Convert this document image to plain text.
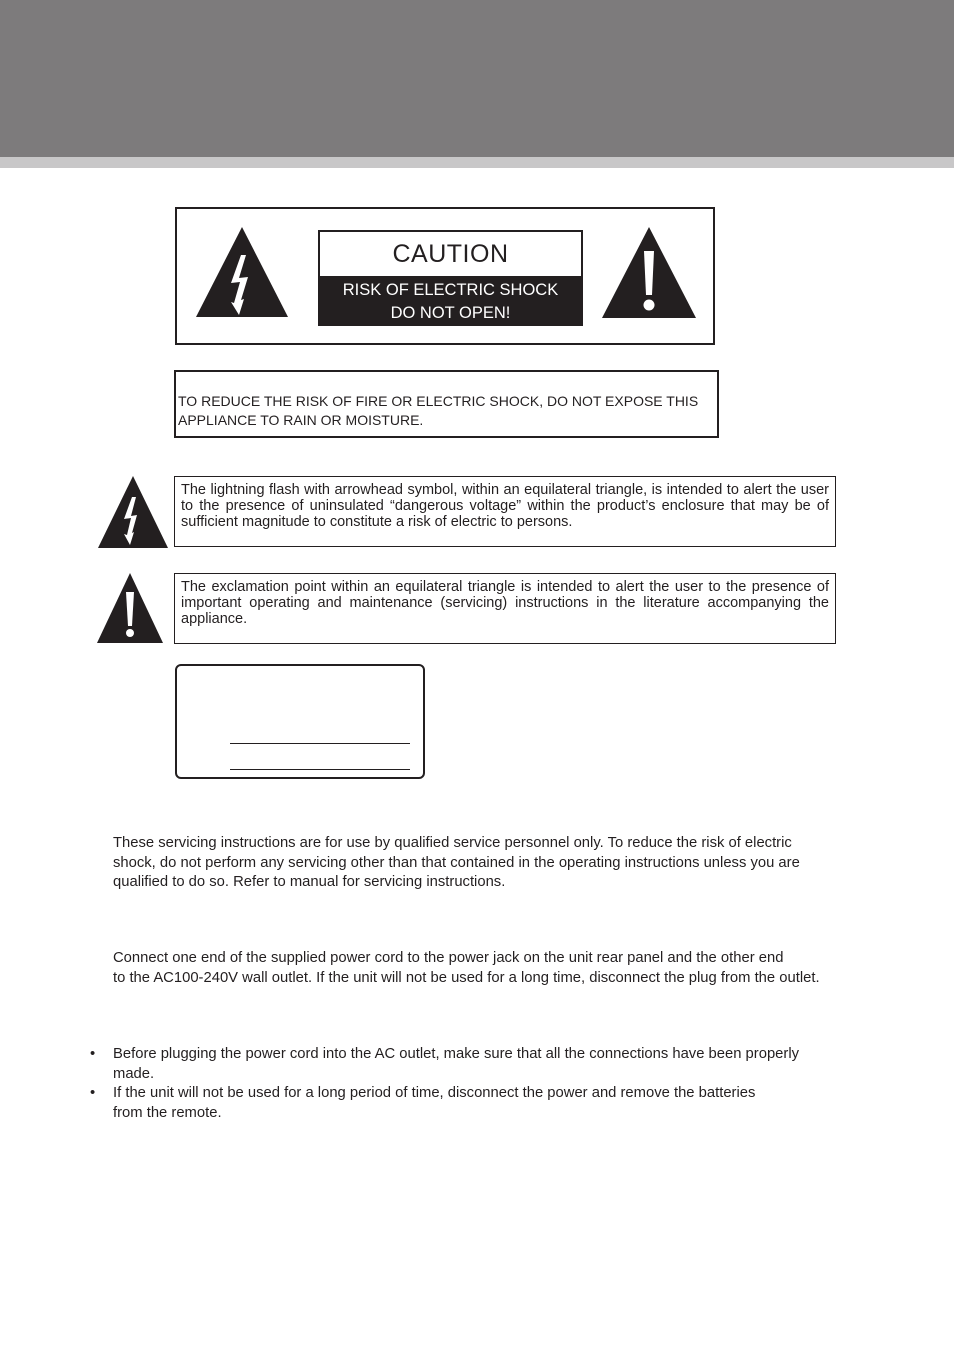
CAUTION
RISK OF ELECTRIC SHOCK
DO NOT OPEN!
TO REDUCE THE RISK OF FIRE OR ELECTRIC SHOCK, DO NOT EXPOSE THIS
APPLIANCE TO RAIN OR MOISTURE.
The lightning flash with arrowhead symbol, within an equilateral triangle, is intended to alert the user to the presence of uninsulated “dangerous voltage” within the product’s enclosure that may be of sufficient magnitude to constitute a risk of electric to persons.
The exclamation point within an equilateral triangle is intended to alert the user to the presence of important operating and maintenance (servicing) instructions in the literature accompanying the appliance.
These servicing instructions are for use by qualified service personnel only. To reduce the risk of electric
shock, do not perform any servicing other than that contained in the operating instructions unless you are
qualified to do so. Refer to manual for servicing instructions.
Connect one end of the supplied power cord to the power jack on the unit rear panel and the other end
to the AC100-240V wall outlet. If the unit will not be used for a long time, disconnect the plug from the outlet.
• Before plugging the power cord into the AC outlet, make sure that all the connections have been properly
made.
• If the unit will not be used for a long period of time, disconnect the power and remove the batteries
from the remote.
